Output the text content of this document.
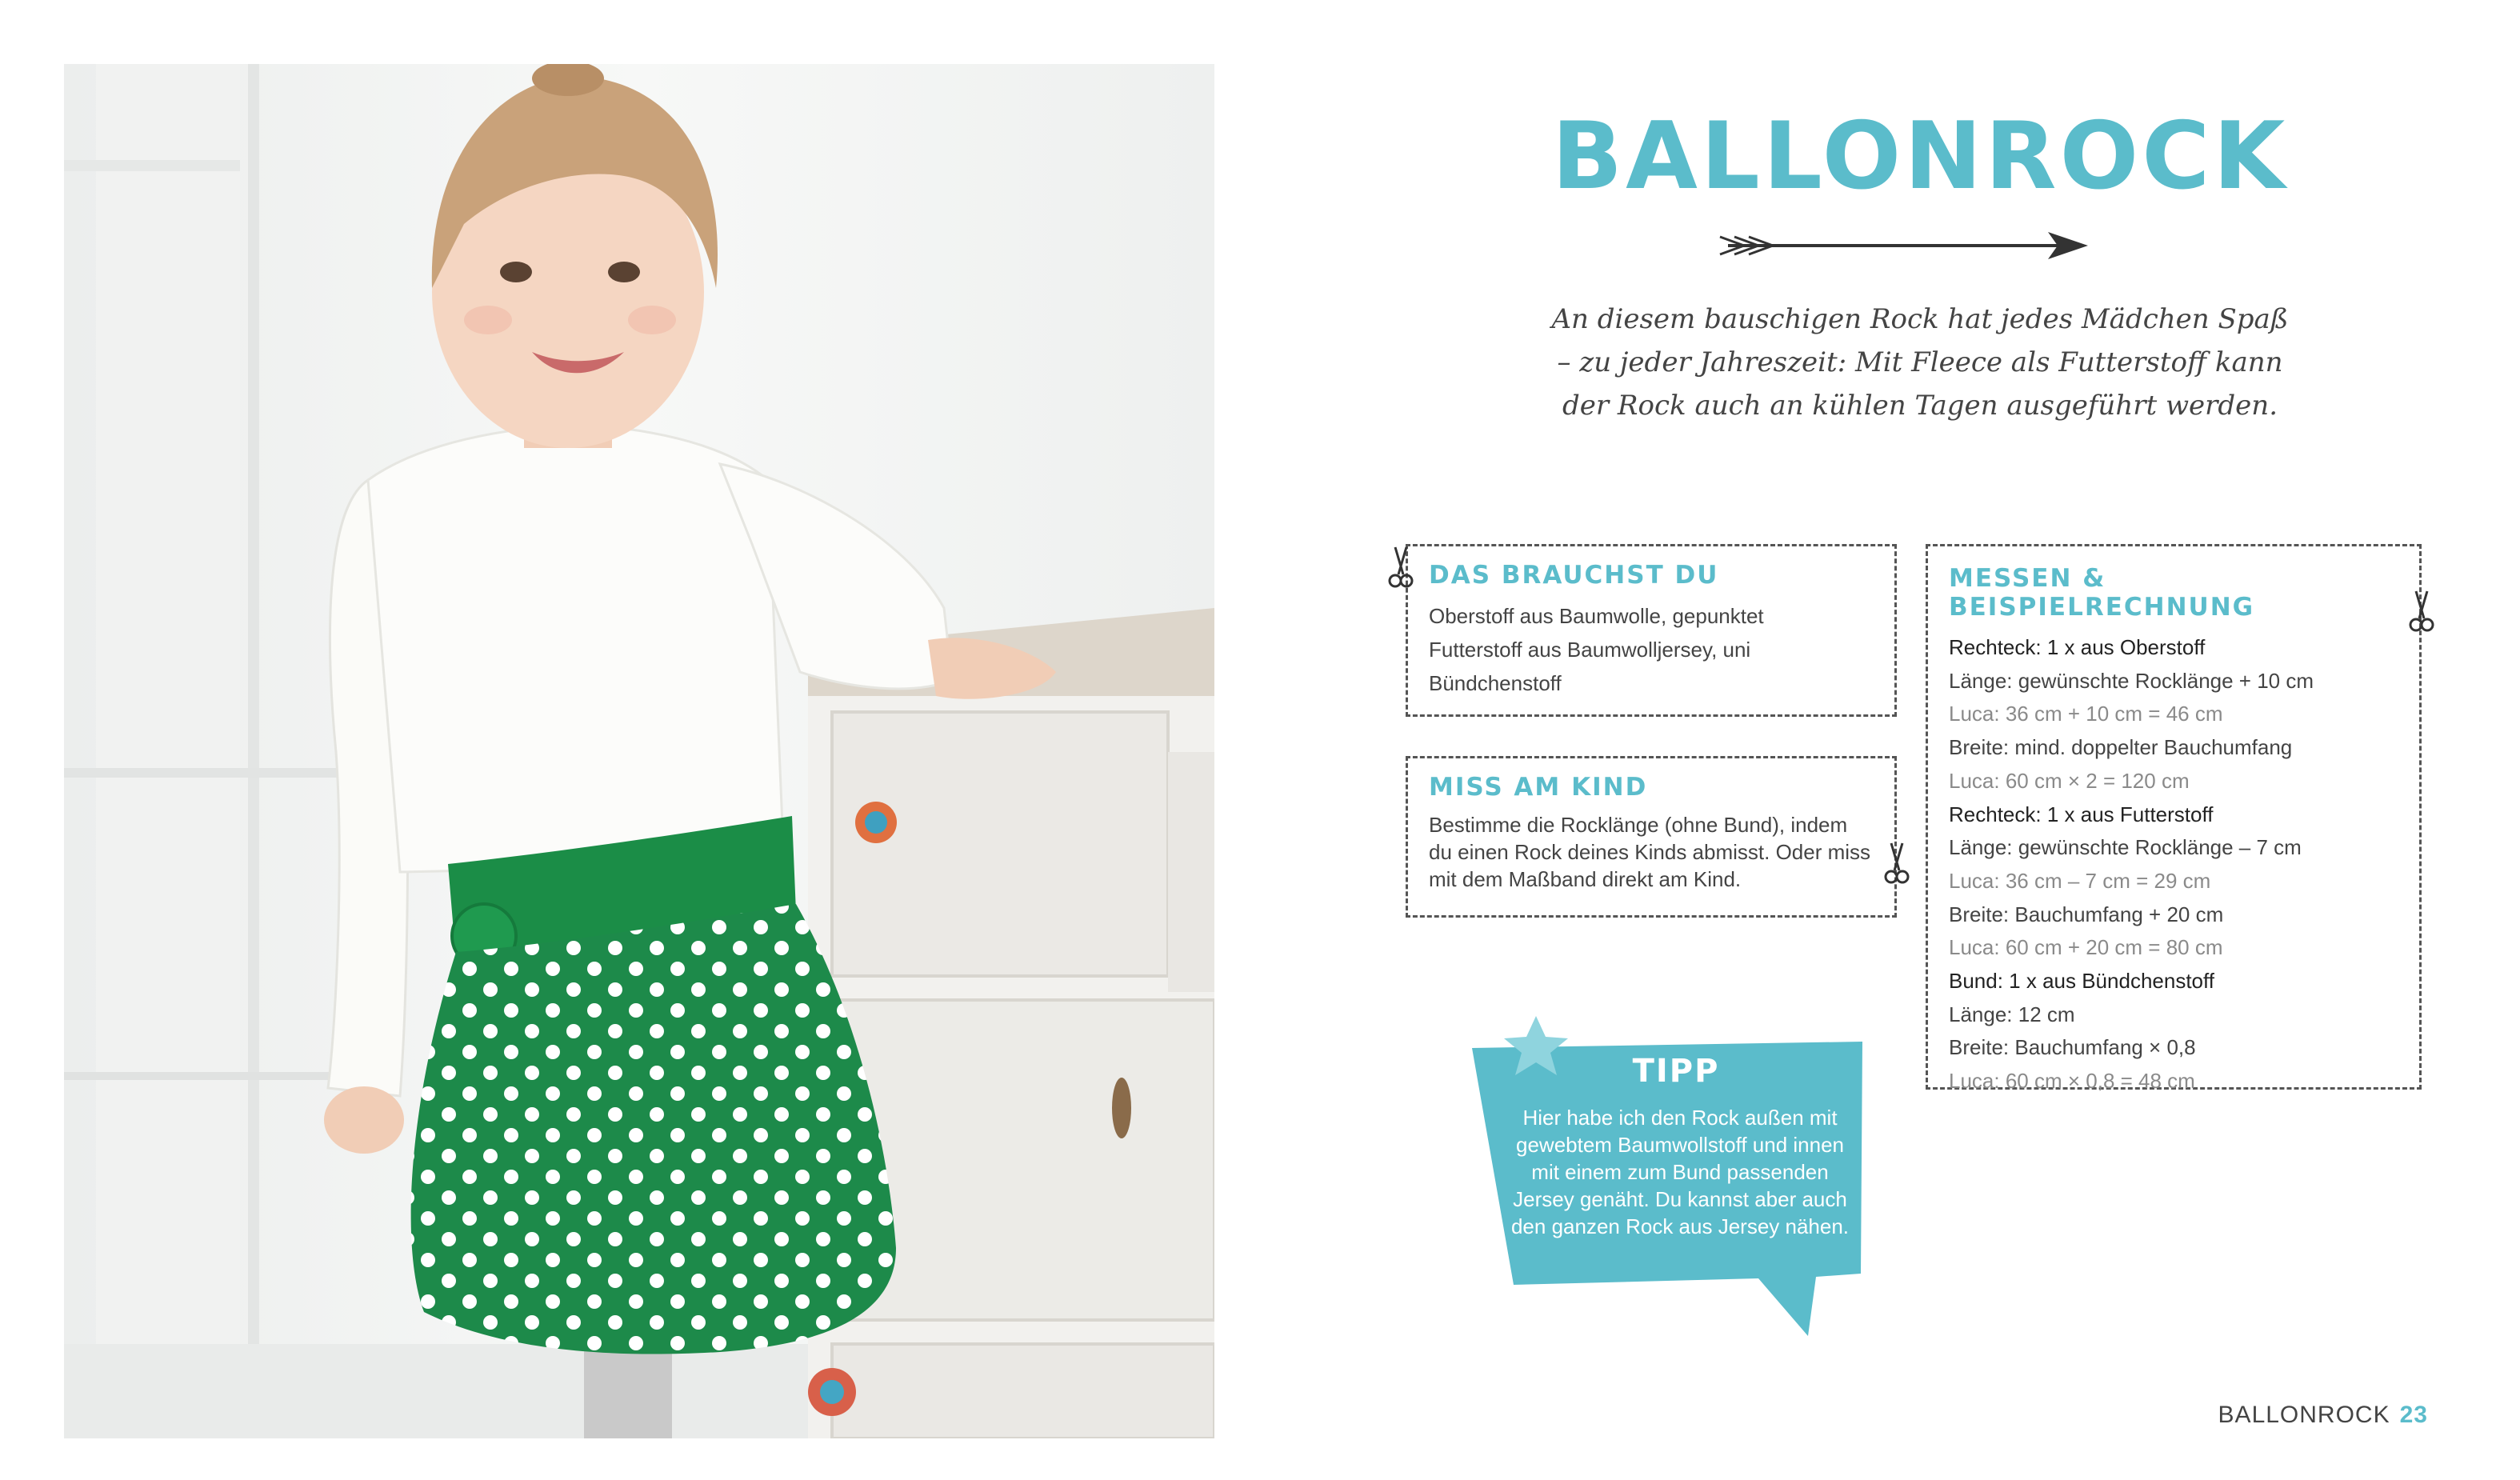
BALLONROCK
An diesem bauschigen Rock hat jedes Mädchen Spaß – zu jeder Jahreszeit: Mit Fleece als Futterstoff kann der Rock auch an kühlen Tagen ausgeführt werden.
DAS BRAUCHST DU
Oberstoff aus Baumwolle, gepunktet
Futterstoff aus Baumwolljersey, uni
Bündchenstoff
MISS AM KIND
Bestimme die Rocklänge (ohne Bund), indem
du einen Rock deines Kinds abmisst. Oder miss
mit dem Maßband direkt am Kind.
MESSEN & BEISPIELRECHNUNG
Rechteck: 1 x aus Oberstoff
Länge: gewünschte Rocklänge + 10 cm
Luca: 36 cm + 10 cm = 46 cm
Breite: mind. doppelter Bauchumfang
Luca: 60 cm × 2 = 120 cm
Rechteck: 1 x aus Futterstoff
Länge: gewünschte Rocklänge – 7 cm
Luca: 36 cm – 7 cm = 29 cm
Breite: Bauchumfang + 20 cm
Luca: 60 cm + 20 cm = 80 cm
Bund: 1 x aus Bündchenstoff
Länge: 12 cm
Breite: Bauchumfang × 0,8
Luca: 60 cm × 0,8 = 48 cm
TIPP
Hier habe ich den Rock außen mit gewebtem Baumwollstoff und innen mit einem zum Bund passenden Jersey genäht. Du kannst aber auch den ganzen Rock aus Jersey nähen.
BALLONROCK 23
